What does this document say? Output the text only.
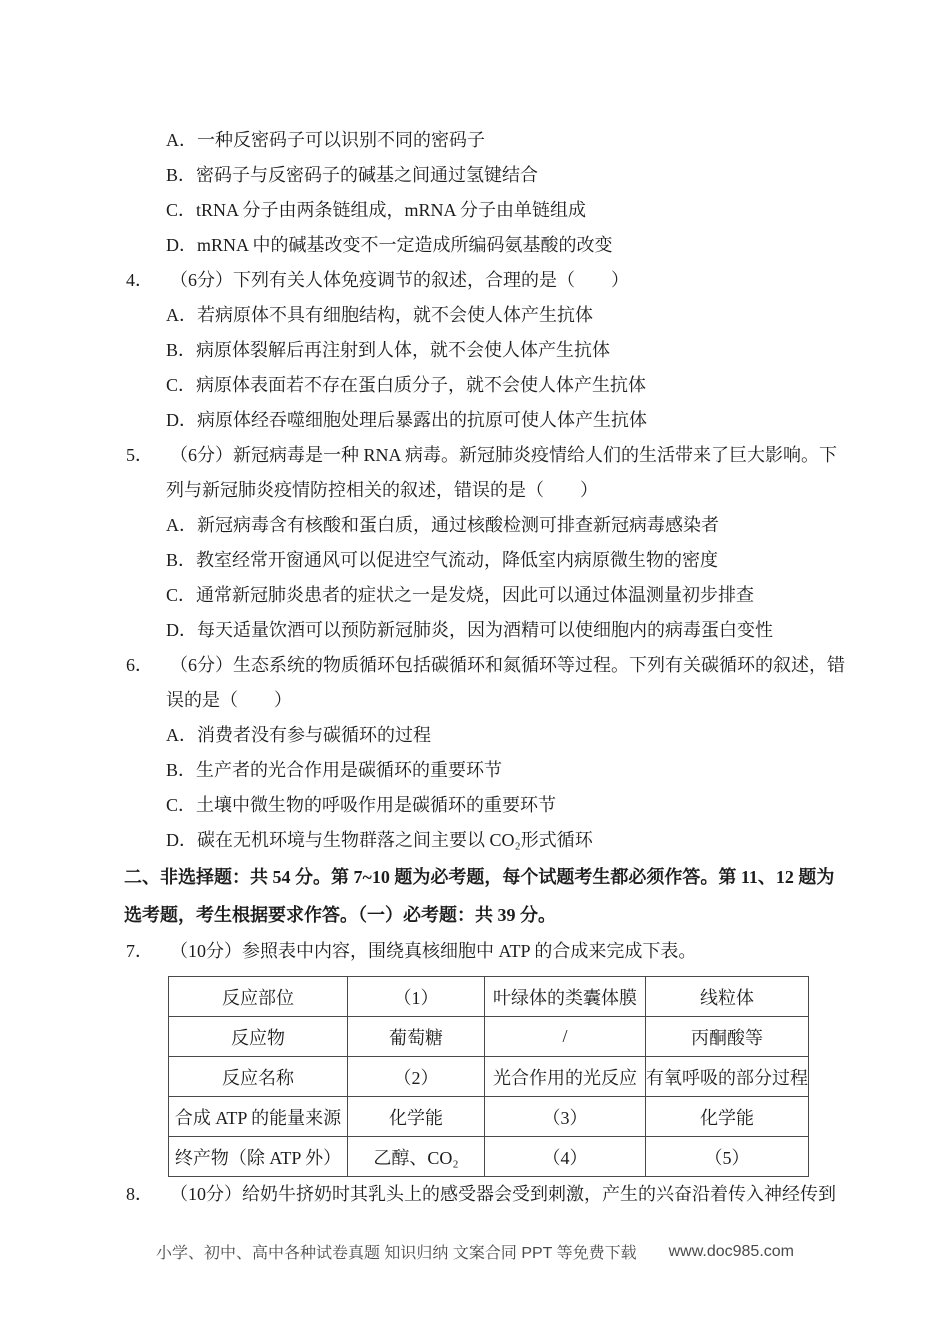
A．一种反密码子可以识别不同的密码子
B．密码子与反密码子的碱基之间通过氢键结合
C．tRNA 分子由两条链组成，mRNA 分子由单链组成
D．mRNA 中的碱基改变不一定造成所编码氨基酸的改变
4． （6分）下列有关人体免疫调节的叙述，合理的是（　　）
A．若病原体不具有细胞结构，就不会使人体产生抗体
B．病原体裂解后再注射到人体，就不会使人体产生抗体
C．病原体表面若不存在蛋白质分子，就不会使人体产生抗体
D．病原体经吞噬细胞处理后暴露出的抗原可使人体产生抗体
5． （6分）新冠病毒是一种 RNA 病毒。新冠肺炎疫情给人们的生活带来了巨大影响。下
列与新冠肺炎疫情防控相关的叙述，错误的是（　　）
A．新冠病毒含有核酸和蛋白质，通过核酸检测可排查新冠病毒感染者
B．教室经常开窗通风可以促进空气流动，降低室内病原微生物的密度
C．通常新冠肺炎患者的症状之一是发烧，因此可以通过体温测量初步排查
D．每天适量饮酒可以预防新冠肺炎，因为酒精可以使细胞内的病毒蛋白变性
6． （6分）生态系统的物质循环包括碳循环和氮循环等过程。下列有关碳循环的叙述，错
误的是（　　）
A．消费者没有参与碳循环的过程
B．生产者的光合作用是碳循环的重要环节
C．土壤中微生物的呼吸作用是碳循环的重要环节
D．碳在无机环境与生物群落之间主要以 CO₂形式循环
二、非选择题：共 54 分。第 7~10 题为必考题，每个试题考生都必须作答。第 11、12 题为
选考题，考生根据要求作答。（一）必考题：共 39 分。
7． （10分）参照表中内容，围绕真核细胞中 ATP 的合成来完成下表。
反应部位	（1）	叶绿体的类囊体膜	线粒体
反应物	葡萄糖	/	丙酮酸等
反应名称	（2）	光合作用的光反应	有氧呼吸的部分过程
合成 ATP 的能量来源	化学能	（3）	化学能
终产物（除 ATP 外）	乙醇、CO₂	（4）	（5）
8． （10分）给奶牛挤奶时其乳头上的感受器会受到刺激，产生的兴奋沿着传入神经传到
小学、初中、高中各种试卷真题 知识归纳 文案合同 PPT 等免费下载 www.doc985.com
